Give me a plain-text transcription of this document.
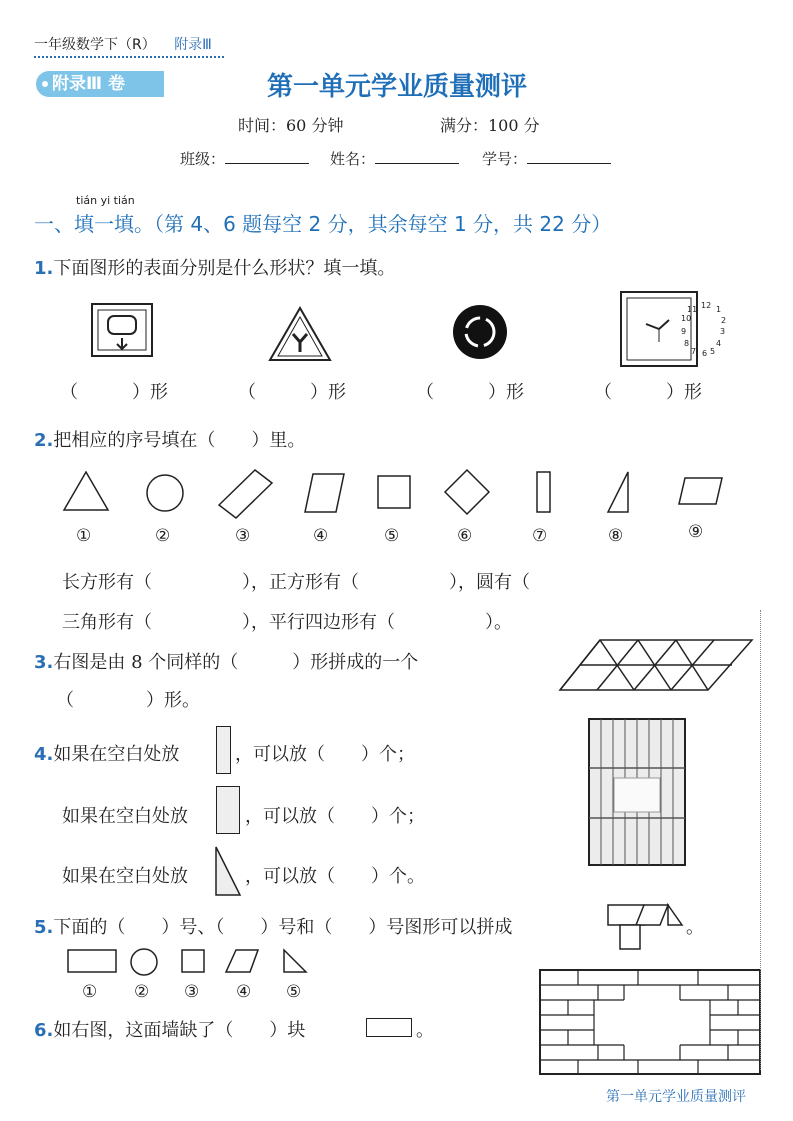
一年级数学下（R） 附录Ⅲ
附录Ⅲ 卷	第一单元学业质量测评
时间：60 分钟	满分：100 分
班级：	姓名：	学号：
tián yi tián
一、填一填。（第 4、6 题每空 2 分，其余每空 1 分，共 22 分）
1.下面图形的表面分别是什么形状？填一填。
12 1
2
3
4
5
6
7
8
9
10
11
（　　　）形	（　　　）形	（　　　）形	（　　　）形
2.把相应的序号填在（　　）里。
①	②	③	④	⑤	⑥	⑦	⑧	⑨
长方形有（　　　　　），正方形有（　　　　　），圆有（
三角形有（　　　　　），平行四边形有（　　　　　）。
3.右图是由 8 个同样的（　　　）形拼成的一个
（　　　　）形。
4.如果在空白处放	，可以放（　　）个；
如果在空白处放	，可以放（　　）个；
如果在空白处放	，可以放（　　）个。
5.下面的（　　）号、（　　）号和（　　）号图形可以拼成	。
① ② ③ ④ ⑤
6.如右图，这面墙缺了（　　）块	。
第一单元学业质量测评
